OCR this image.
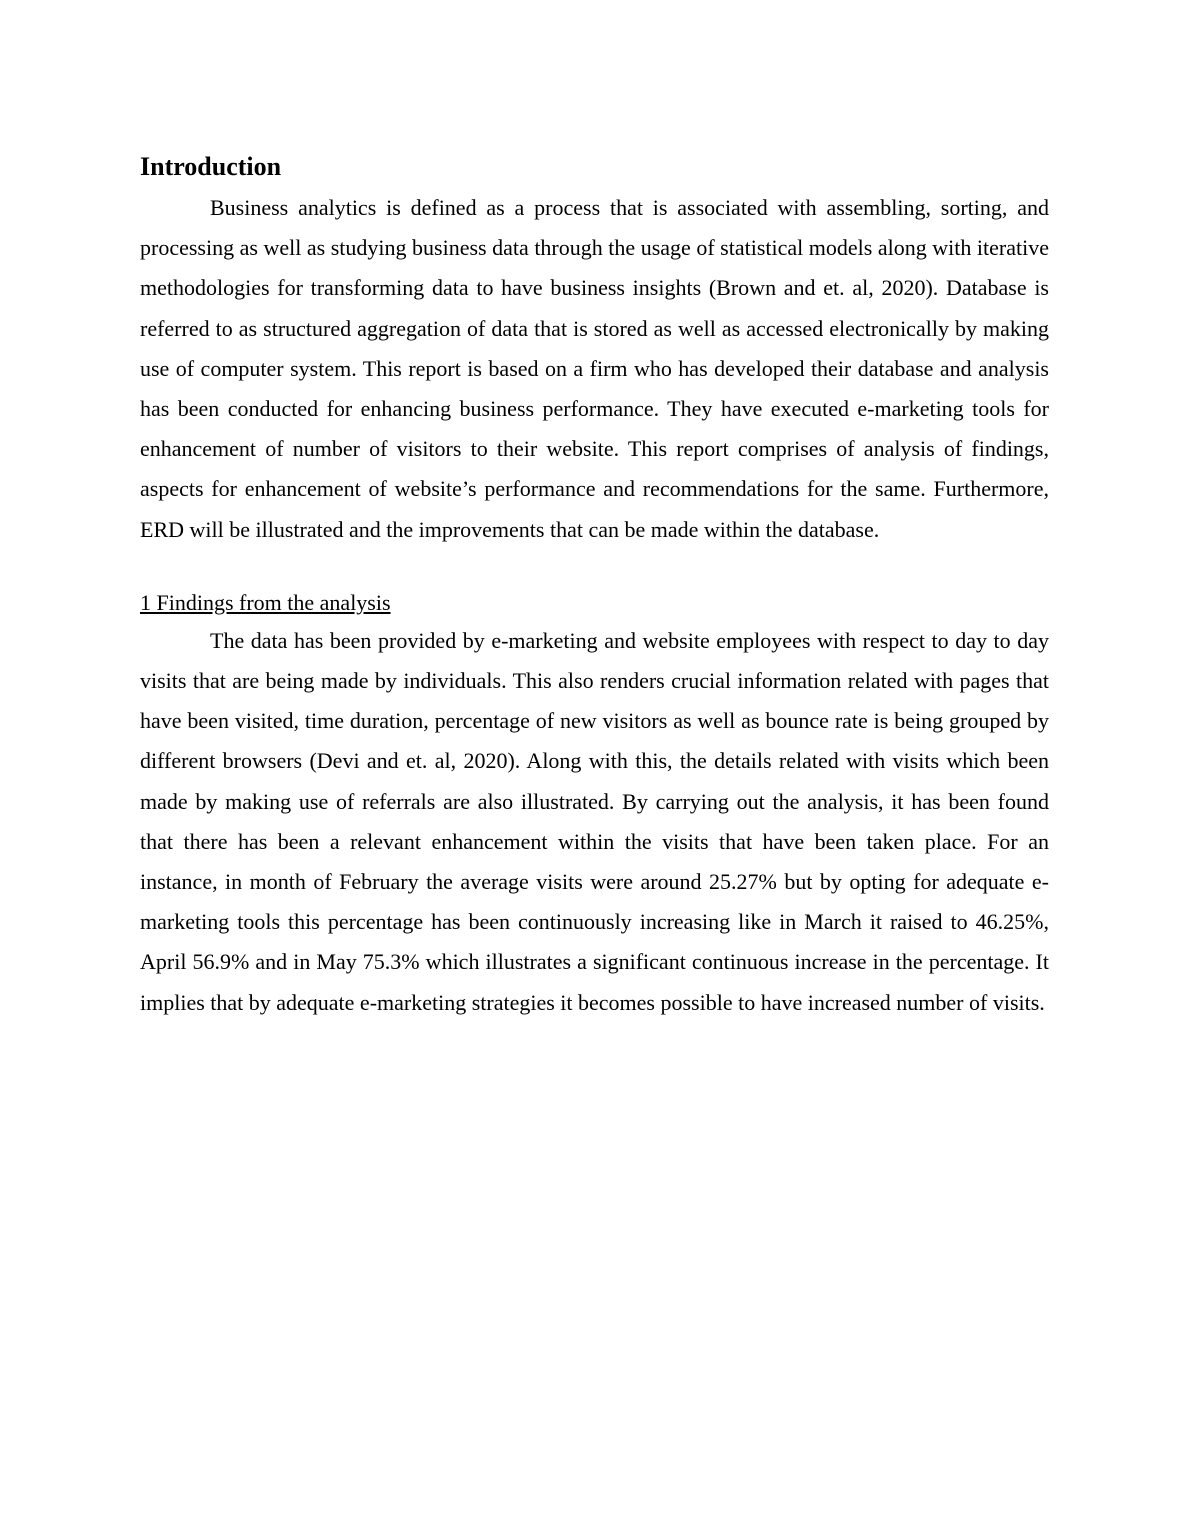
Introduction

Business analytics is defined as a process that is associated with assembling, sorting, and processing as well as studying business data through the usage of statistical models along with iterative methodologies for transforming data to have business insights (Brown and et. al, 2020). Database is referred to as structured aggregation of data that is stored as well as accessed electronically by making use of computer system. This report is based on a firm who has developed their database and analysis has been conducted for enhancing business performance. They have executed e-marketing tools for enhancement of number of visitors to their website. This report comprises of analysis of findings, aspects for enhancement of website’s performance and recommendations for the same. Furthermore, ERD will be illustrated and the improvements that can be made within the database.

1 Findings from the analysis

The data has been provided by e-marketing and website employees with respect to day to day visits that are being made by individuals. This also renders crucial information related with pages that have been visited, time duration, percentage of new visitors as well as bounce rate is being grouped by different browsers (Devi and et. al, 2020). Along with this, the details related with visits which been made by making use of referrals are also illustrated. By carrying out the analysis, it has been found that there has been a relevant enhancement within the visits that have been taken place. For an instance, in month of February the average visits were around 25.27% but by opting for adequate e-marketing tools this percentage has been continuously increasing like in March it raised to 46.25%, April 56.9% and in May 75.3% which illustrates a significant continuous increase in the percentage. It implies that by adequate e-marketing strategies it becomes possible to have increased number of visits.
